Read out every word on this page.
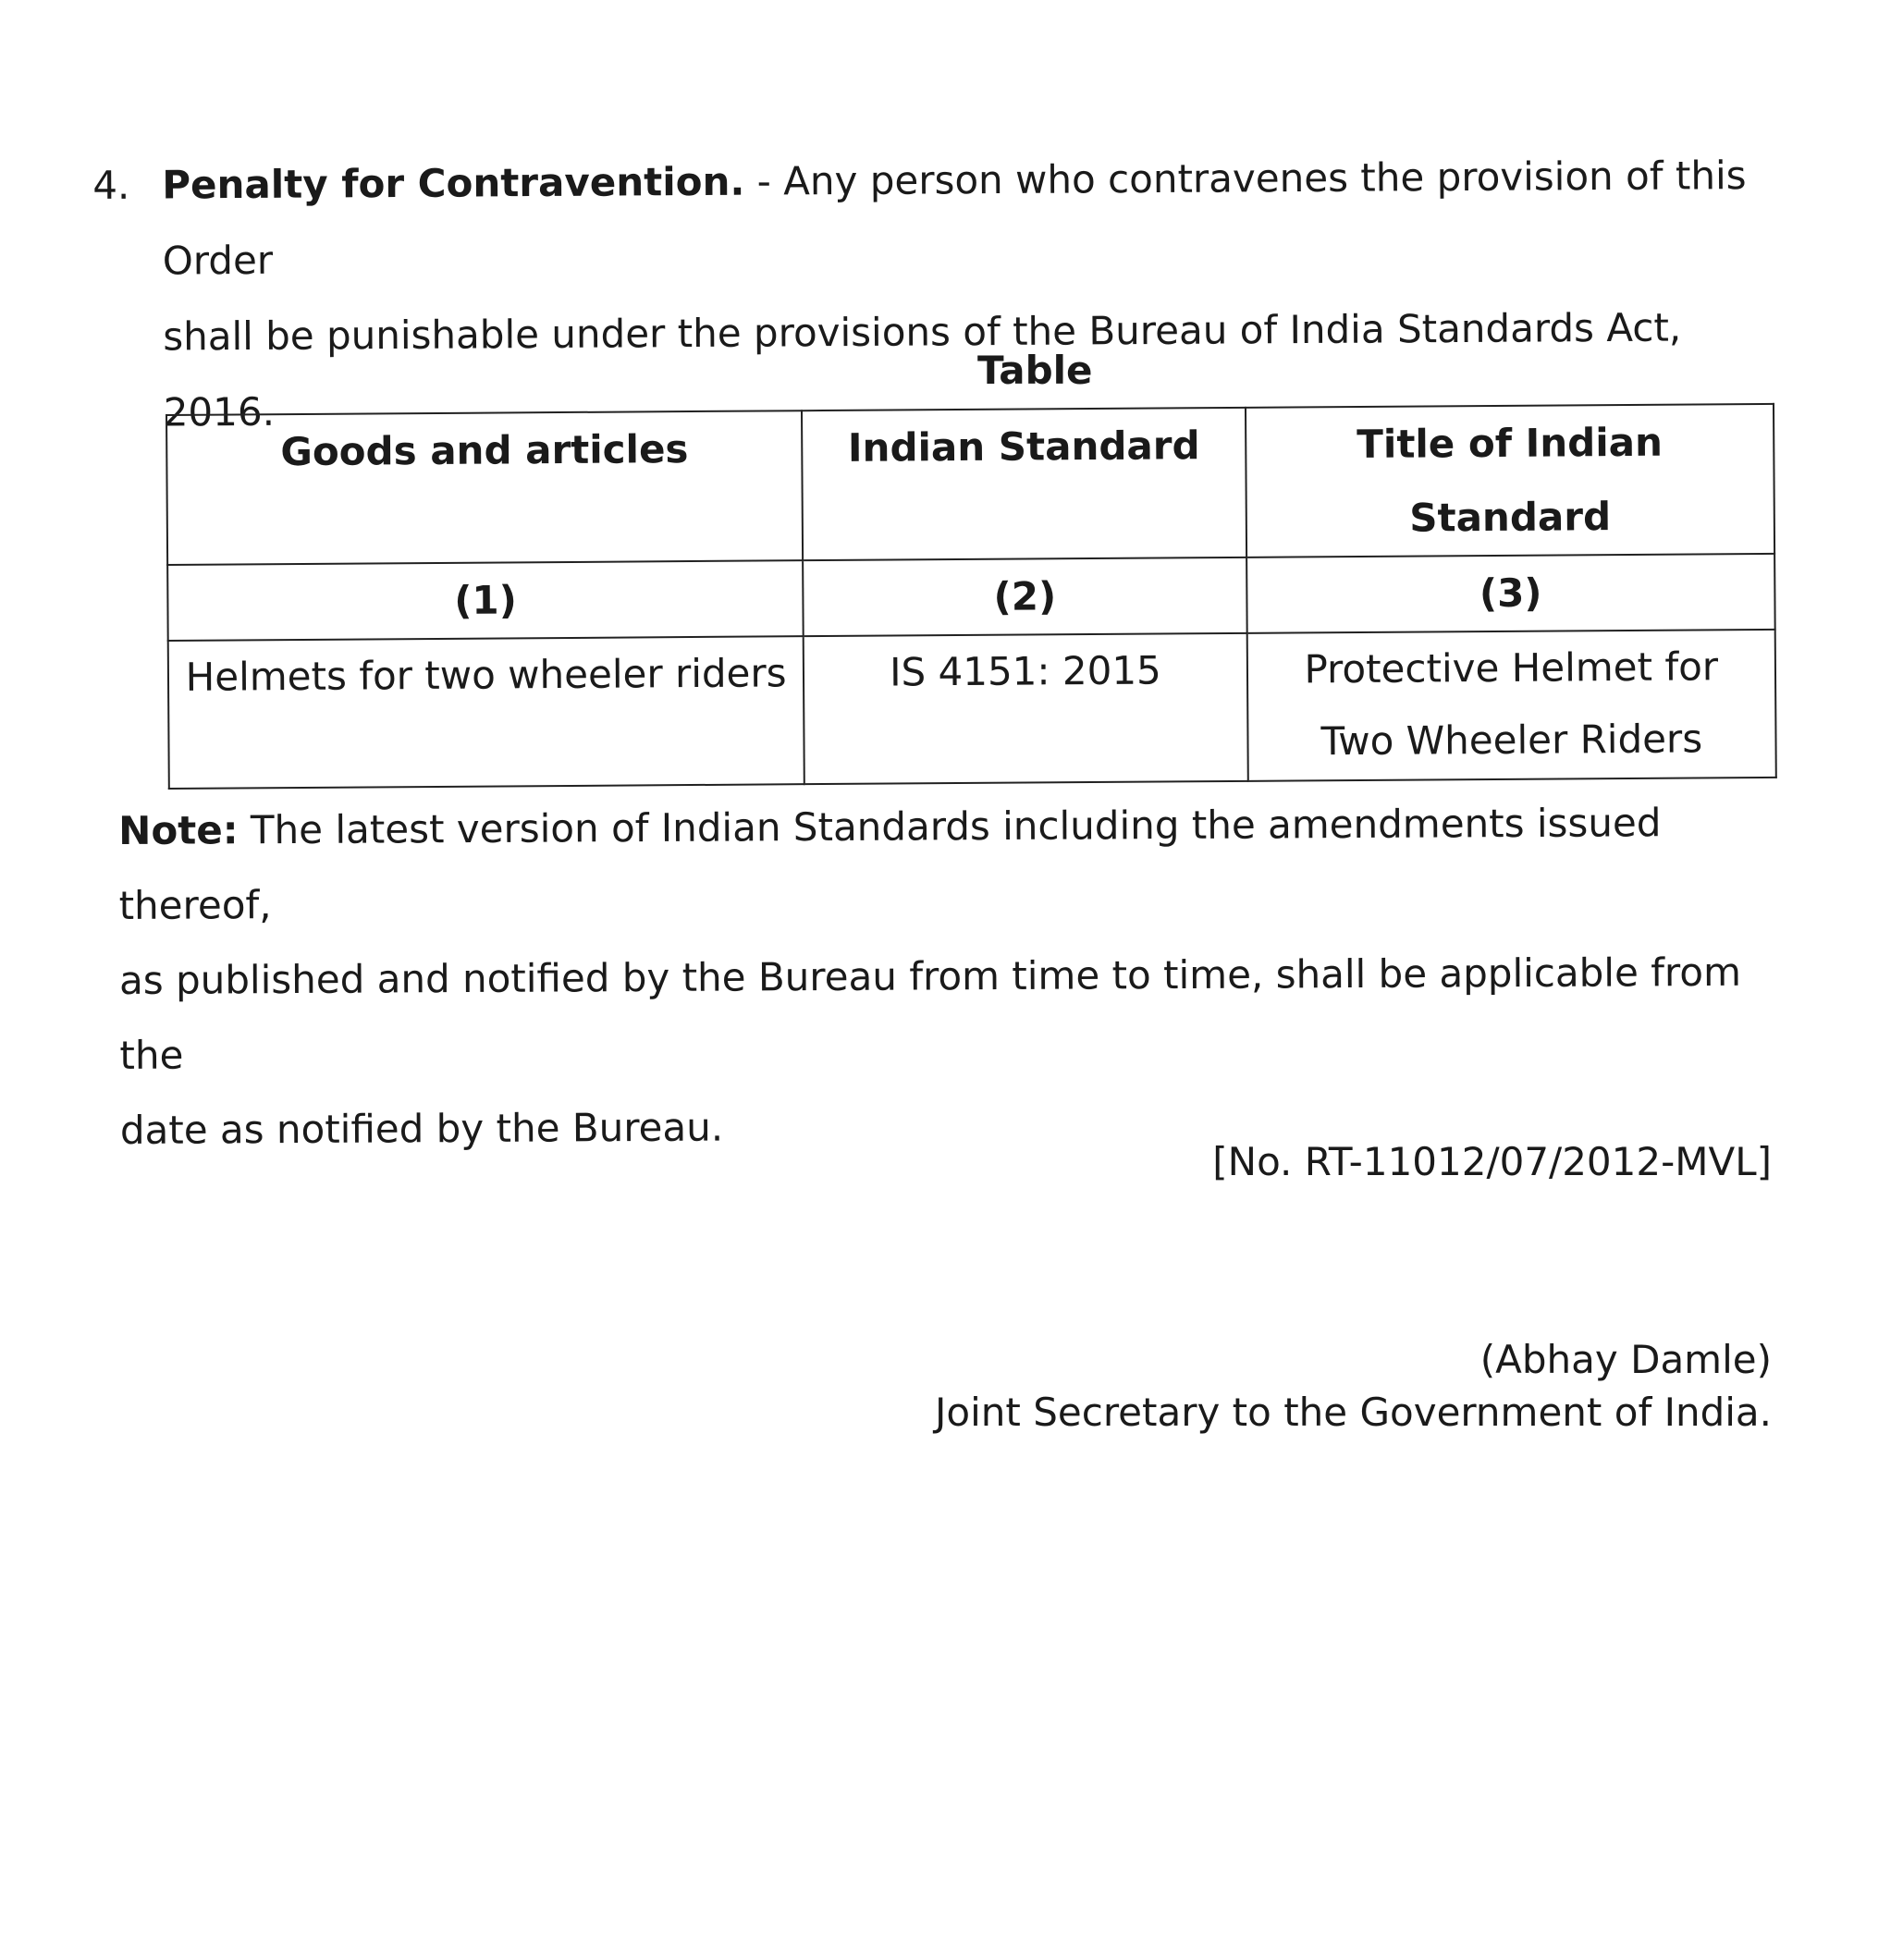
4. Penalty for Contravention. - Any person who contravenes the provision of this Order
shall be punishable under the provisions of the Bureau of India Standards Act, 2016.
Table
Goods and articles	Indian Standard	Title of Indian Standard
(1)	(2)	(3)
Helmets for two wheeler riders	IS 4151: 2015	Protective Helmet for
Two Wheeler Riders
Note: The latest version of Indian Standards including the amendments issued thereof,
as published and notified by the Bureau from time to time, shall be applicable from the
date as notified by the Bureau.
[No. RT-11012/07/2012-MVL]
(Abhay Damle)
Joint Secretary to the Government of India.
